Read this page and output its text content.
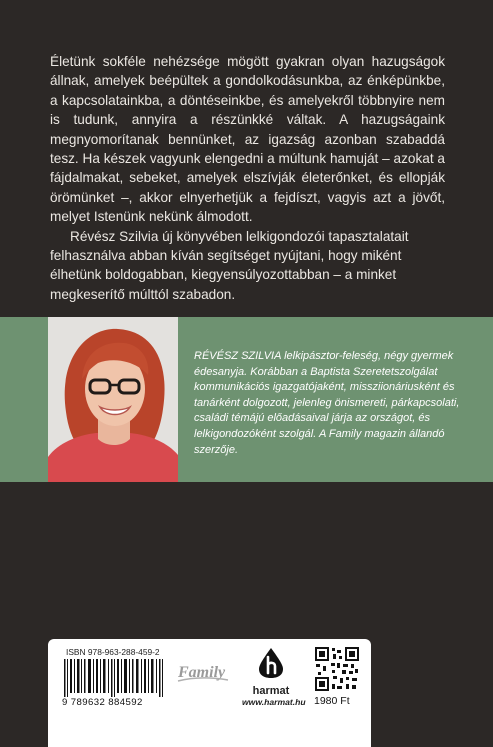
Életünk sokféle nehézsége mögött gyakran olyan hazugságok állnak, amelyek beépültek a gondolkodásunkba, az énképünkbe, a kapcsolatainkba, a döntéseinkbe, és amelyekről többnyire nem is tudunk, annyira a részünkké váltak. A hazugságaink megnyomorítanak bennünket, az igazság azonban szabaddá tesz. Ha készek vagyunk elengedni a múltunk hamuját – azokat a fájdalmakat, sebeket, amelyek elszívják életerőnket, és ellopják örömünket –, akkor elnyerhetjük a fejdíszt, vagyis azt a jövőt, melyet Istenünk nekünk álmodott.

Révész Szilvia új könyvében lelkigondozói tapasztalatait felhasználva abban kíván segítséget nyújtani, hogy miként élhetünk boldogabban, kiegyensúlyozottabban – a minket megkeserítő múlttól szabadon.

RÉVÉSZ SZILVIA lelkipásztor-feleség, négy gyermek édesanyja. Korábban a Baptista Szeretetszolgálat kommunikációs igazgatójaként, missziionáriusként és tanárként dolgozott, jelenleg önismereti, párkapcsolati, családi témájú előadásaival járja az országot, és lelkigondozóként szolgál. A Family magazin állandó szerzője.
ISBN 978-963-288-459-2
9 789632 884592
Family
harmat
www.harmat.hu 1980 Ft
